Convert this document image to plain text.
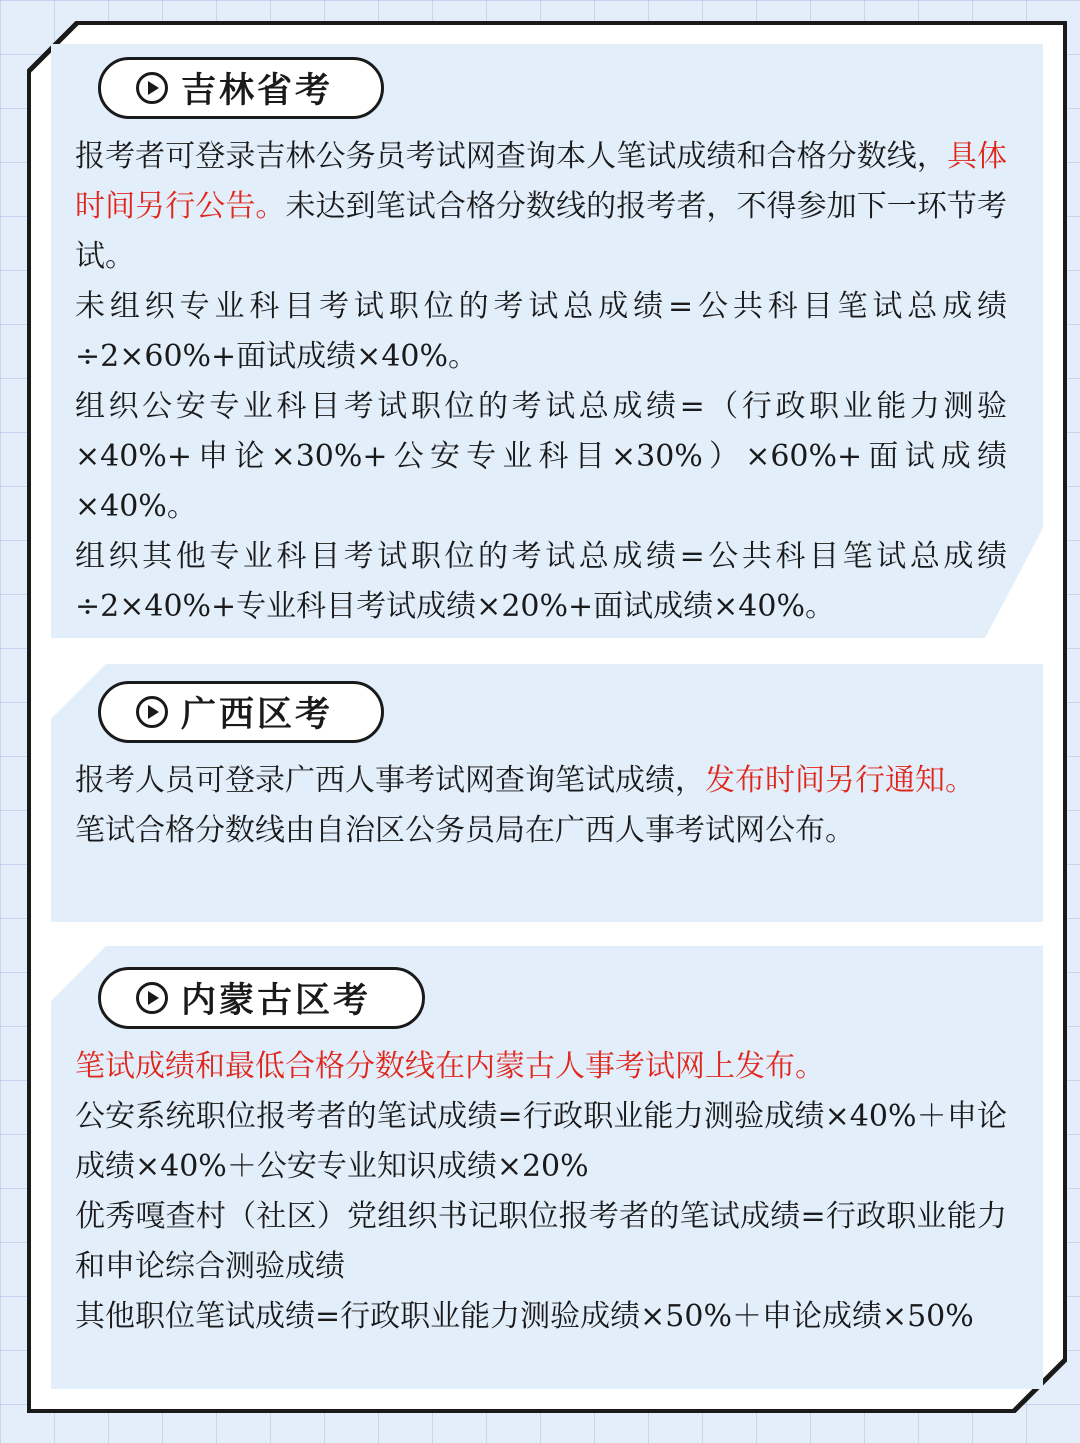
吉林省考

报考者可登录吉林公务员考试网查询本人笔试成绩和合格分数线，具体时间另行公告。未达到笔试合格分数线的报考者，不得参加下一环节考试。

未组织专业科目考试职位的考试总成绩=公共科目笔试总成绩÷2×60%+面试成绩×40%。

组织公安专业科目考试职位的考试总成绩=（行政职业能力测验×40%+申论×30%+公安专业科目×30%）×60%+面试成绩×40%。

组织其他专业科目考试职位的考试总成绩=公共科目笔试总成绩÷2×40%+专业科目考试成绩×20%+面试成绩×40%。

广西区考

报考人员可登录广西人事考试网查询笔试成绩，发布时间另行通知。

笔试合格分数线由自治区公务员局在广西人事考试网公布。

内蒙古区考

笔试成绩和最低合格分数线在内蒙古人事考试网上发布。

公安系统职位报考者的笔试成绩=行政职业能力测验成绩×40%＋申论成绩×40%＋公安专业知识成绩×20%

优秀嘎查村（社区）党组织书记职位报考者的笔试成绩=行政职业能力和申论综合测验成绩

其他职位笔试成绩=行政职业能力测验成绩×50%＋申论成绩×50%
